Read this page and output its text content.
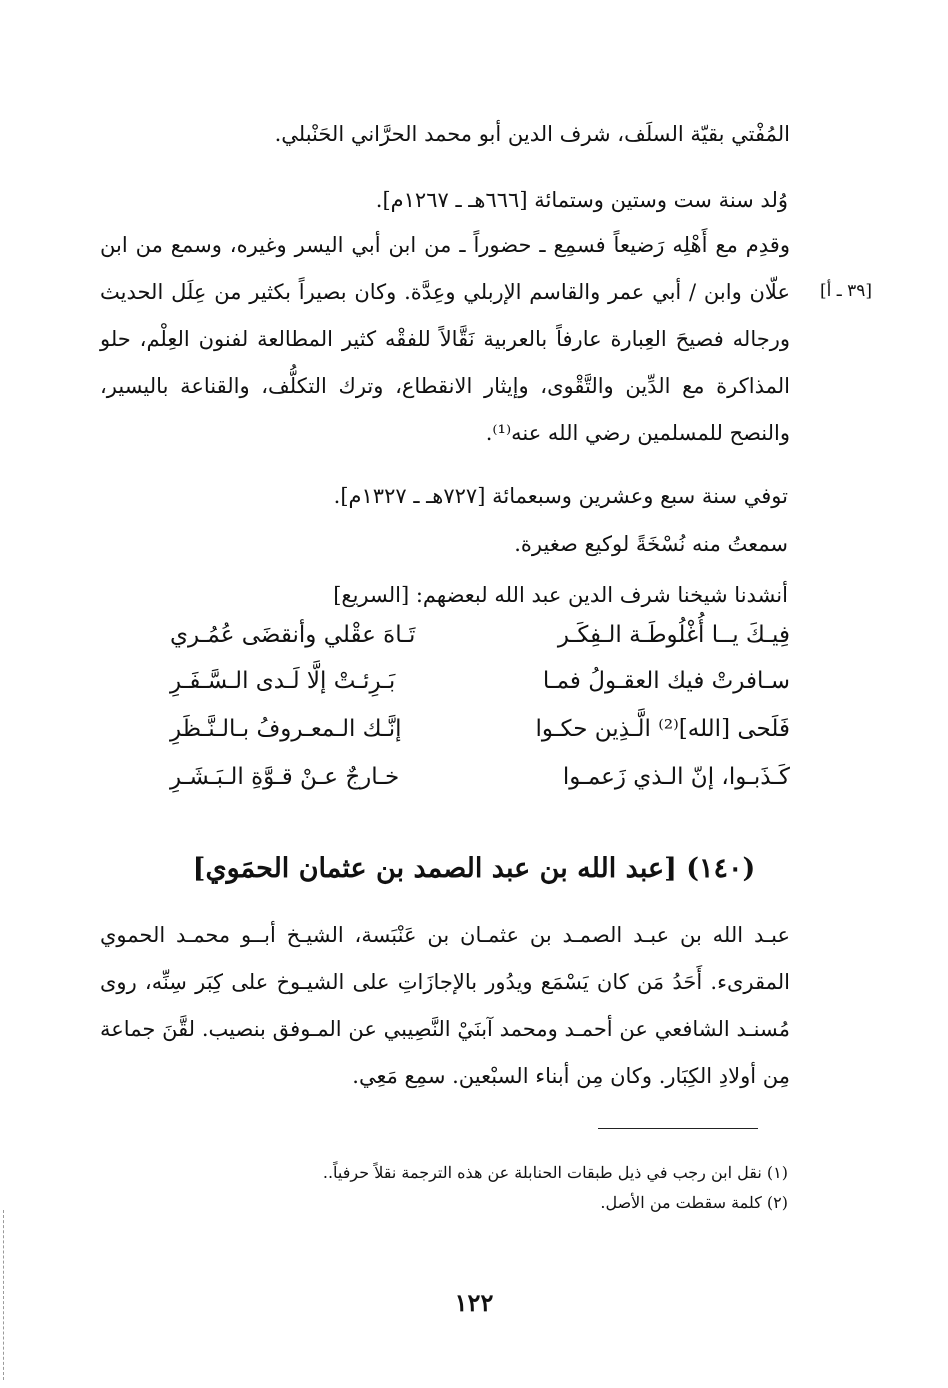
المُفْتي بقيّة السلَف، شرف الدين أبو محمد الحرَّاني الحَنْبلي.

وُلد سنة ست وستين وستمائة [٦٦٦هـ ـ ١٢٦٧م].

وقدِم مع أَهْلِه رَضيعاً فسمِع ـ حضوراً ـ من ابن أبي اليسر وغيره، وسمع من ابن علّان وابن / أبي عمر والقاسم الإربلي وعِدَّة. وكان بصيراً بكثير من عِلَل الحديث ورجاله فصيحَ العِبارة عارفاً بالعربية نَقَّالاً للفقْه كثير المطالعة لفنون العِلْم، حلو المذاكرة مع الدِّين والتَّقْوى، وإيثار الانقطاع، وترك التكلُّف، والقناعة باليسير، والنصح للمسلمين رضي الله عنه⁽¹⁾.

[٣٩ ـ أ]

توفي سنة سبع وعشرين وسبعمائة [٧٢٧هـ ـ ١٣٢٧م].

سمعتُ منه نُسْخَةً لوكيع صغيرة.

أنشدنا شيخنا شرف الدين عبد الله لبعضهم: [السريع]

فِيـكَ يــا أُغْلُوطَـة الـفِكَـر
تَـاهَ عقْلي وأنقضَى عُمُـري
سـافرتْ فيك العقـولُ فمـا
بَـرِئـتْ إلَّا لَـدى الـسَّـفَـرِ
فَلَحى [الله]⁽²⁾ الَّـذِين حكـوا
إنَّـك الـمعـروفُ بـالـنَّـظَرِ
كَـذَبـوا، إنّ الـذي زَعمـوا
خـارجٌ عـنْ قـوَّةِ الـبَـشَـرِ
(١٤٠) [عبد الله بن عبد الصمد بن عثمان الحمَوي]

عبـد الله بن عبـد الصمـد بن عثمـان بن عَنْبَسة، الشيـخ أبــو محمـد الحموي المقرىء. أَحَدُ مَن كان يَسْمَع ويدُور بالإجازَاتِ على الشيـوخ على كِبَر سِنِّه، روى مُسنـد الشافعي عن أحمـد ومحمد آبنَيْ النَّصِيبي عن المـوفق بنصيب. لقَّنَ جماعة مِن أولادِ الكِبَار. وكان مِن أبناء السبْعين. سمِع مَعِي.

(١) نقل ابن رجب في ذيل طبقات الحنابلة عن هذه الترجمة نقلاً حرفياً..
(٢) كلمة سقطت من الأصل.
١٢٢
